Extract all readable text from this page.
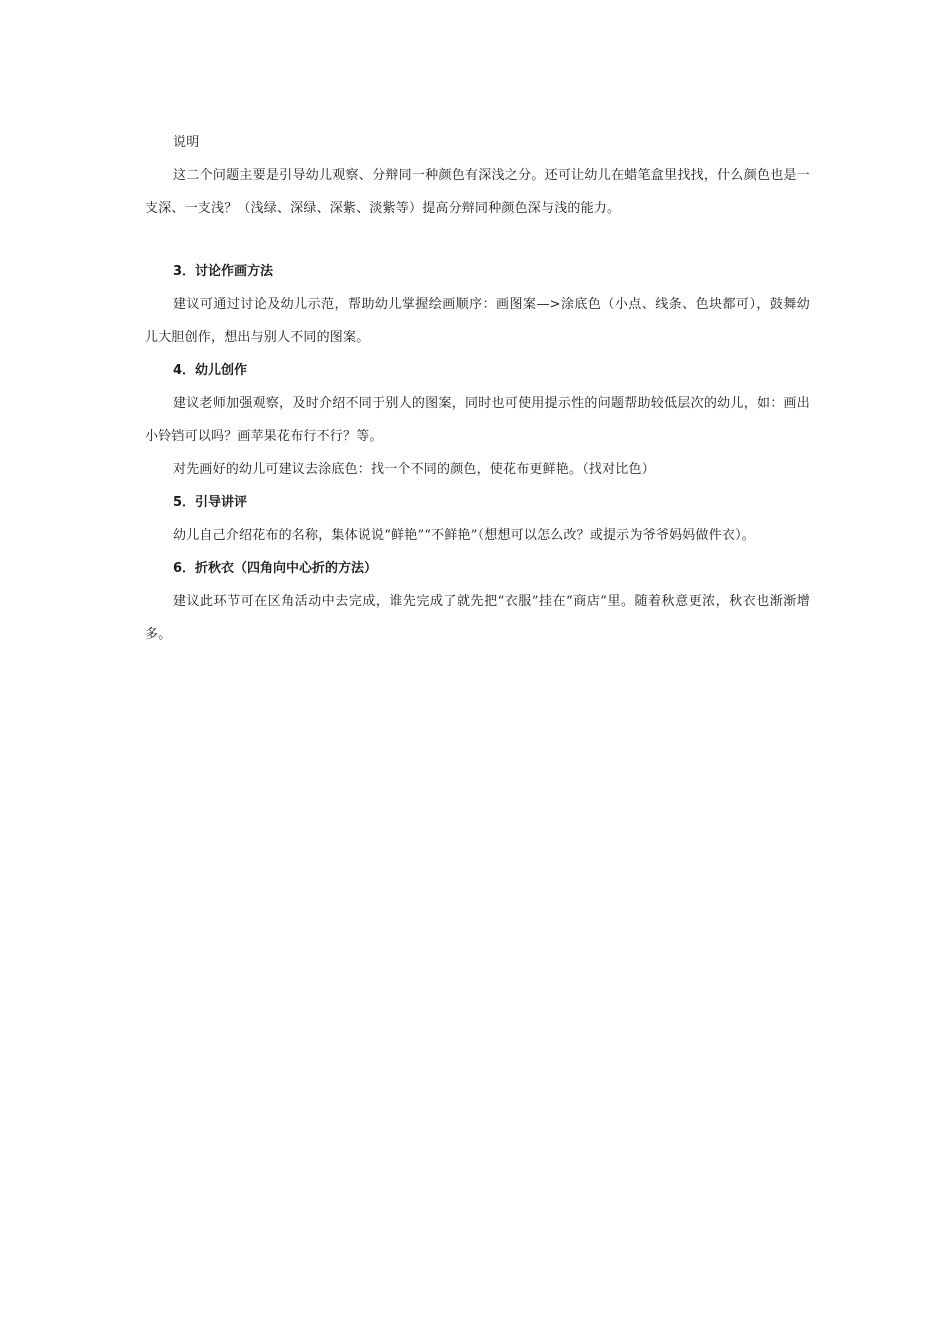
说明

这二个问题主要是引导幼儿观察、分辩同一种颜色有深浅之分。还可让幼儿在蜡笔盒里找找，什么颜色也是一支深、一支浅？（浅绿、深绿、深紫、淡紫等）提高分辩同种颜色深与浅的能力。

3．讨论作画方法

建议可通过讨论及幼儿示范，帮助幼儿掌握绘画顺序：画图案—>涂底色（小点、线条、色块都可），鼓舞幼儿大胆创作，想出与别人不同的图案。

4．幼儿创作

建议老师加强观察，及时介绍不同于别人的图案，同时也可使用提示性的问题帮助较低层次的幼儿，如：画出小铃铛可以吗？画苹果花布行不行？等。

对先画好的幼儿可建议去涂底色：找一个不同的颜色，使花布更鲜艳。（找对比色）

5．引导讲评

幼儿自己介绍花布的名称，集体说说“鲜艳”“不鲜艳”（想想可以怎么改？或提示为爷爷妈妈做件衣）。

6．折秋衣（四角向中心折的方法）

建议此环节可在区角活动中去完成，谁先完成了就先把“衣服”挂在“商店”里。随着秋意更浓，秋衣也渐渐增多。
